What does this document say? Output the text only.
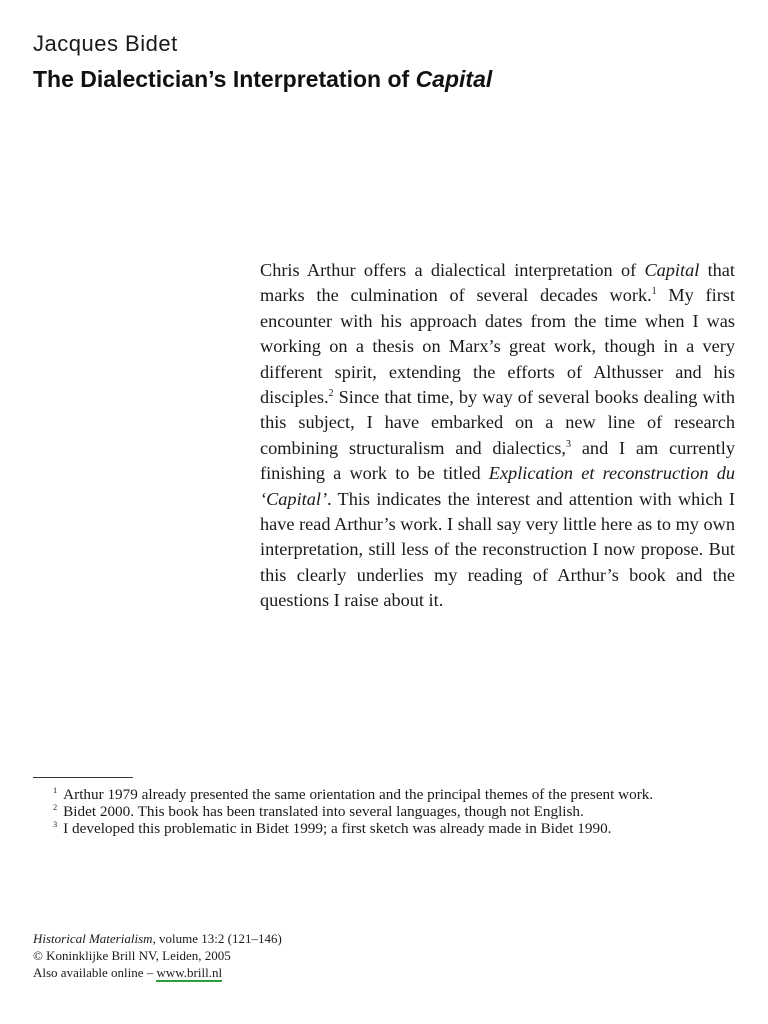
Jacques Bidet
The Dialectician’s Interpretation of Capital
Chris Arthur offers a dialectical interpretation of Capital that marks the culmination of several decades work.$^1$ My first encounter with his approach dates from the time when I was working on a thesis on Marx’s great work, though in a very different spirit, extending the efforts of Althusser and his disciples.$^2$ Since that time, by way of several books dealing with this subject, I have embarked on a new line of research combining structuralism and dialectics,$^3$ and I am currently finishing a work to be titled Explication et reconstruction du ‘Capital’. This indicates the interest and attention with which I have read Arthur’s work. I shall say very little here as to my own interpretation, still less of the reconstruction I now propose. But this clearly underlies my reading of Arthur’s book and the questions I raise about it.
$^1$ Arthur 1979 already presented the same orientation and the principal themes of the present work.
$^2$ Bidet 2000. This book has been translated into several languages, though not English.
$^3$ I developed this problematic in Bidet 1999; a first sketch was already made in Bidet 1990.
Historical Materialism, volume 13:2 (121–146)
© Koninklijke Brill NV, Leiden, 2005
Also available online – www.brill.nl
